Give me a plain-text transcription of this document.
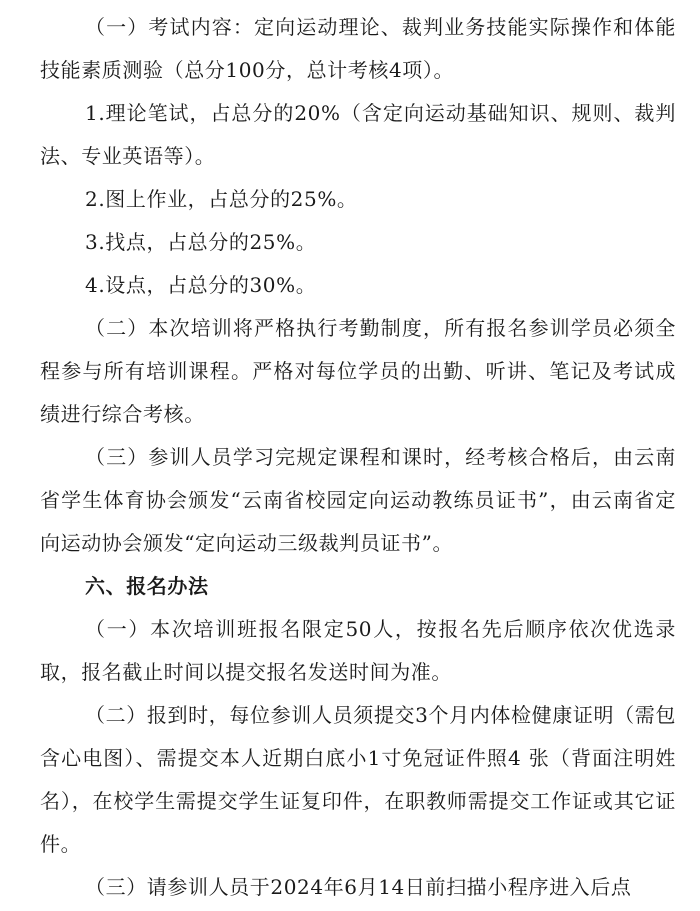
（一）考试内容：定向运动理论、裁判业务技能实际操作和体能技能素质测验（总分100分，总计考核4项）。

1.理论笔试，占总分的20%（含定向运动基础知识、规则、裁判法、专业英语等）。

2.图上作业，占总分的25%。

3.找点，占总分的25%。

4.设点，占总分的30%。

（二）本次培训将严格执行考勤制度，所有报名参训学员必须全程参与所有培训课程。严格对每位学员的出勤、听讲、笔记及考试成绩进行综合考核。

（三）参训人员学习完规定课程和课时，经考核合格后，由云南省学生体育协会颁发“云南省校园定向运动教练员证书”，由云南省定向运动协会颁发“定向运动三级裁判员证书”。

六、报名办法

（一）本次培训班报名限定50人，按报名先后顺序依次优选录取，报名截止时间以提交报名发送时间为准。

（二）报到时，每位参训人员须提交3个月内体检健康证明（需包含心电图）、需提交本人近期白底小1寸免冠证件照4 张（背面注明姓名），在校学生需提交学生证复印件，在职教师需提交工作证或其它证件。

（三）请参训人员于2024年6月14日前扫描小程序进入后点
